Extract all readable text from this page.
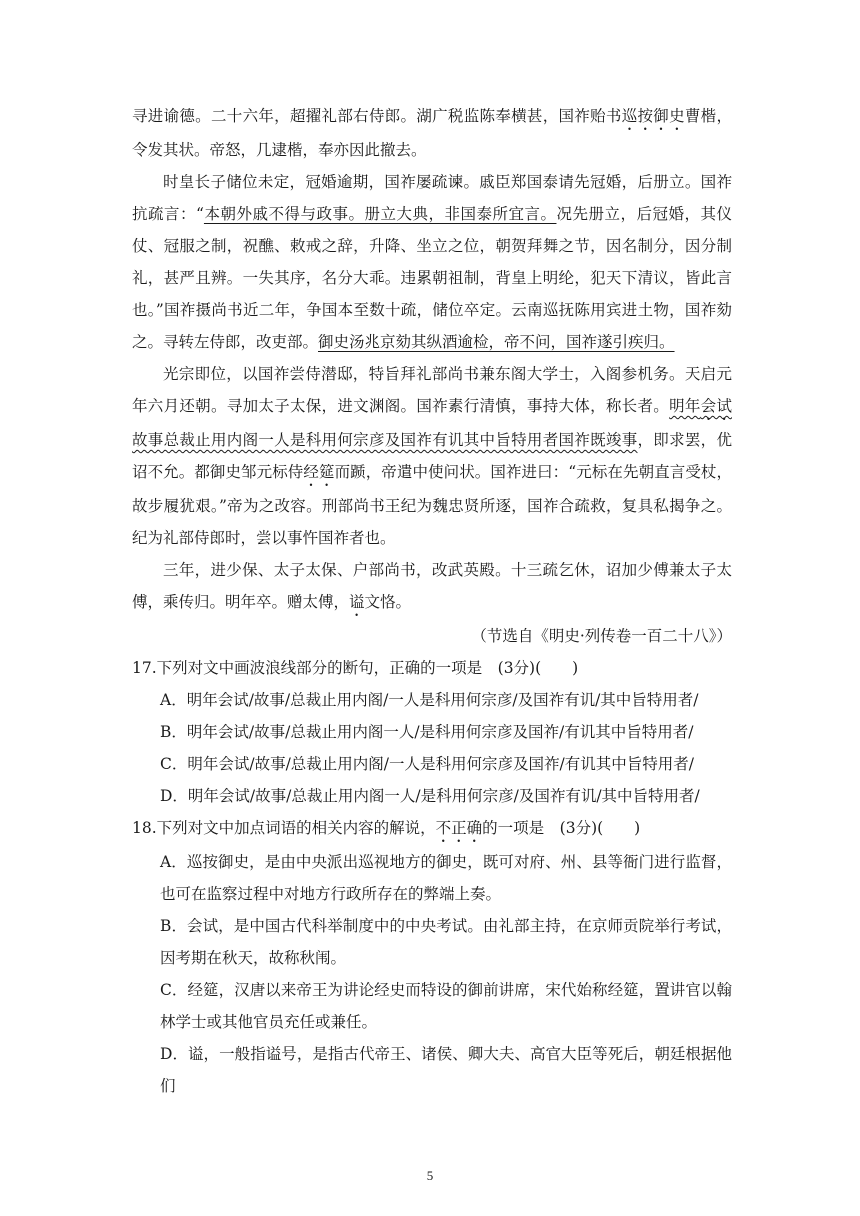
寻进谕德。二十六年，超擢礼部右侍郎。湖广税监陈奉横甚，国祚贻书巡按御史曹楷，令发其状。帝怒，几逮楷，奉亦因此撤去。

时皇长子储位未定，冠婚逾期，国祚屡疏谏。戚臣郑国泰请先冠婚，后册立。国祚抗疏言：“本朝外戚不得与政事。册立大典，非国泰所宜言。况先册立，后冠婚，其仪仗、冠服之制，祝醮、敕戒之辞，升降、坐立之位，朝贺拜舞之节，因名制分，因分制礼，甚严且辨。一失其序，名分大乖。违累朝祖制，背皇上明纶，犯天下清议，皆此言也。”国祚摄尚书近二年，争国本至数十疏，储位卒定。云南巡抚陈用宾进土物，国祚劾之。寻转左侍郎，改吏部。御史汤兆京劾其纵酒逾检，帝不问，国祚遂引疾归。

光宗即位，以国祚尝侍潜邸，特旨拜礼部尚书兼东阁大学士，入阁参机务。天启元年六月还朝。寻加太子太保，进文渊阁。国祚素行清慎，事持大体，称长者。明年会试故事总裁止用内阁一人是科用何宗彦及国祚有讥其中旨特用者国祚既竣事，即求罢，优诏不允。都御史邹元标侍经筵而踬，帝遣中使问状。国祚进曰：“元标在先朝直言受杖，故步履犹艰。”帝为之改容。刑部尚书王纪为魏忠贤所逐，国祚合疏救，复具私揭争之。纪为礼部侍郎时，尝以事忤国祚者也。

三年，进少保、太子太保、户部尚书，改武英殿。十三疏乞休，诏加少傅兼太子太傅，乘传归。明年卒。赠太傅，谥文恪。

（节选自《明史·列传卷一百二十八》）

17.下列对文中画波浪线部分的断句，正确的一项是　(3分)(　　)

A．明年会试/故事/总裁止用内阁/一人是科用何宗彦/及国祚有讥/其中旨特用者/

B．明年会试/故事/总裁止用内阁一人/是科用何宗彦及国祚/有讥其中旨特用者/

C．明年会试/故事/总裁止用内阁/一人是科用何宗彦及国祚/有讥其中旨特用者/

D．明年会试/故事/总裁止用内阁一人/是科用何宗彦/及国祚有讥/其中旨特用者/

18.下列对文中加点词语的相关内容的解说，不正确的一项是　(3分)(　　)

A．巡按御史，是由中央派出巡视地方的御史，既可对府、州、县等衙门进行监督，也可在监察过程中对地方行政所存在的弊端上奏。

B．会试，是中国古代科举制度中的中央考试。由礼部主持，在京师贡院举行考试，因考期在秋天，故称秋闱。

C．经筵，汉唐以来帝王为讲论经史而特设的御前讲席，宋代始称经筵，置讲官以翰林学士或其他官员充任或兼任。

D．谥，一般指谥号，是指古代帝王、诸侯、卿大夫、高官大臣等死后，朝廷根据他们

5
